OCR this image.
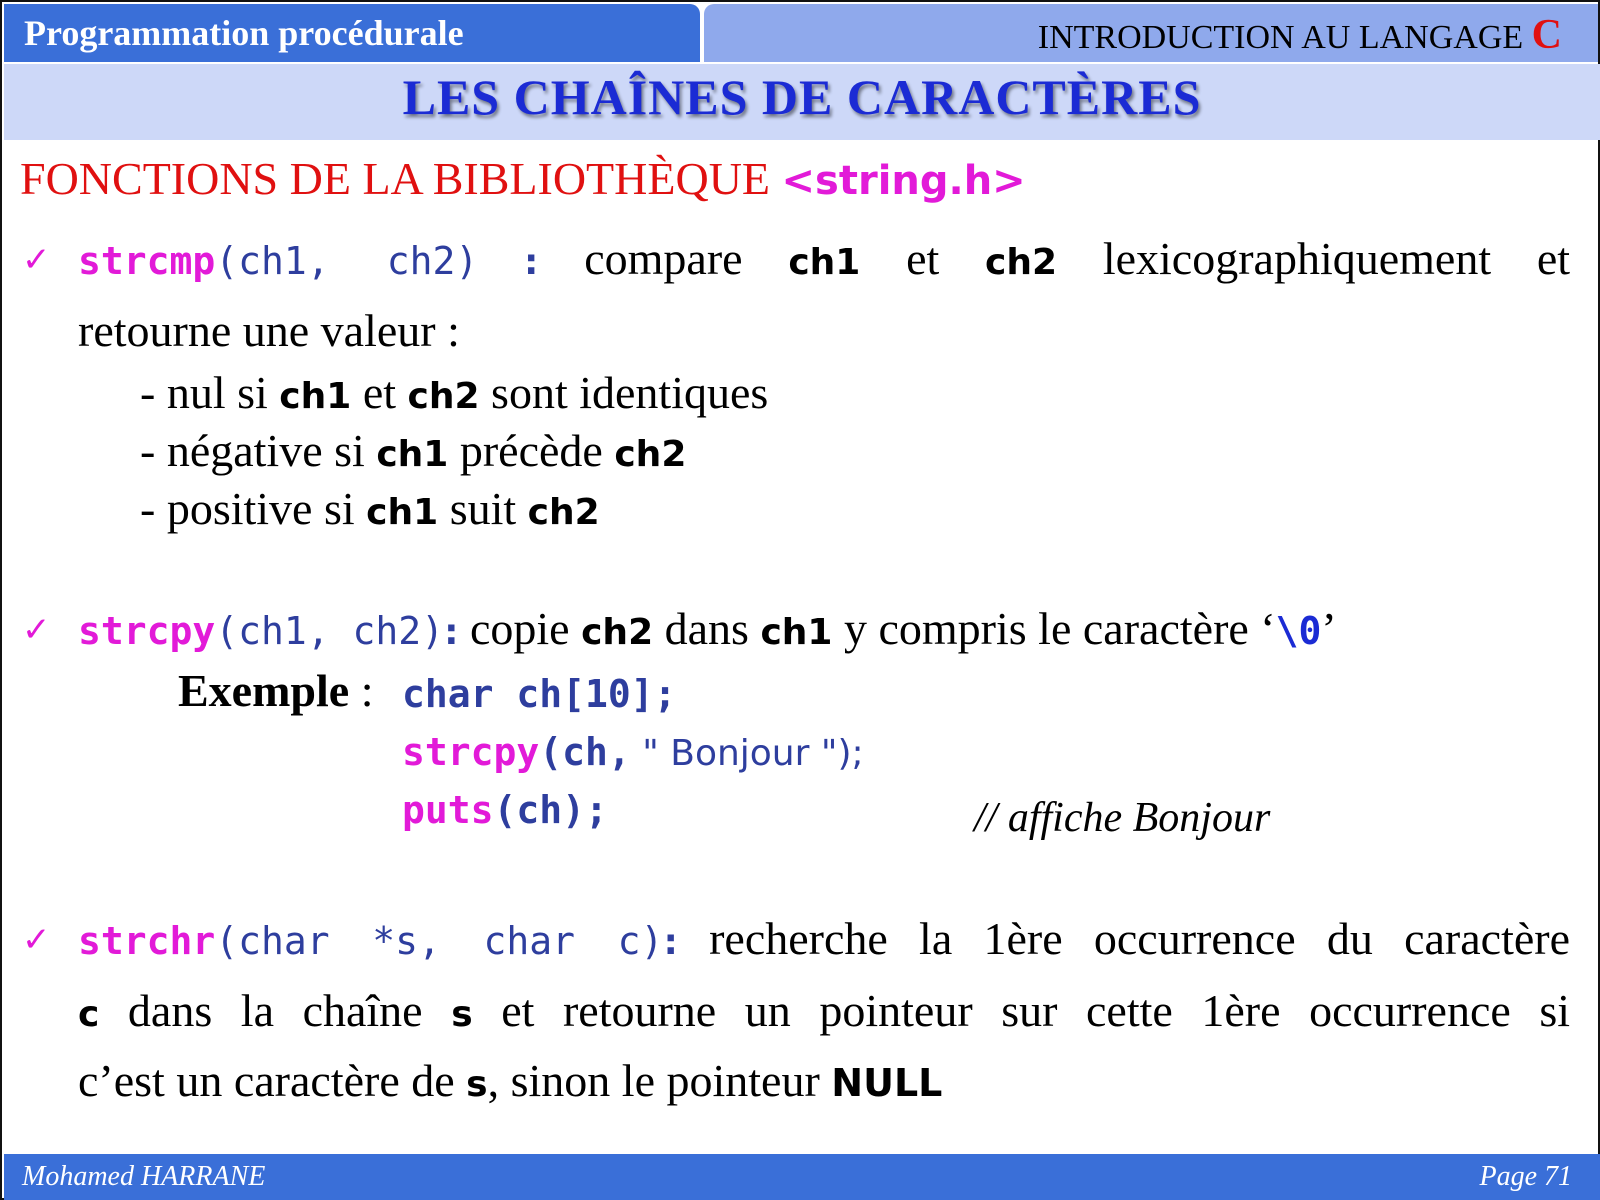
Programmation procédurale	INTRODUCTION AU LANGAGE C
LES CHAÎNES DE CARACTÈRES
FONCTIONS DE LA BIBLIOTHÈQUE <string.h>
✓ strcmp(ch1, ch2) : compare ch1 et ch2 lexicographiquement et
retourne une valeur :
- nul si ch1 et ch2 sont identiques
- négative si ch1 précède ch2
- positive si ch1 suit ch2
✓ strcpy(ch1, ch2): copie ch2 dans ch1 y compris le caractère ‘\0’
Exemple : char ch[10];
strcpy(ch, " Bonjour ");
puts(ch);	// affiche Bonjour
✓ strchr(char *s, char c): recherche la 1ère occurrence du caractère
c dans la chaîne s et retourne un pointeur sur cette 1ère occurrence si
c’est un caractère de s, sinon le pointeur NULL
Mohamed HARRANE	Page 71
